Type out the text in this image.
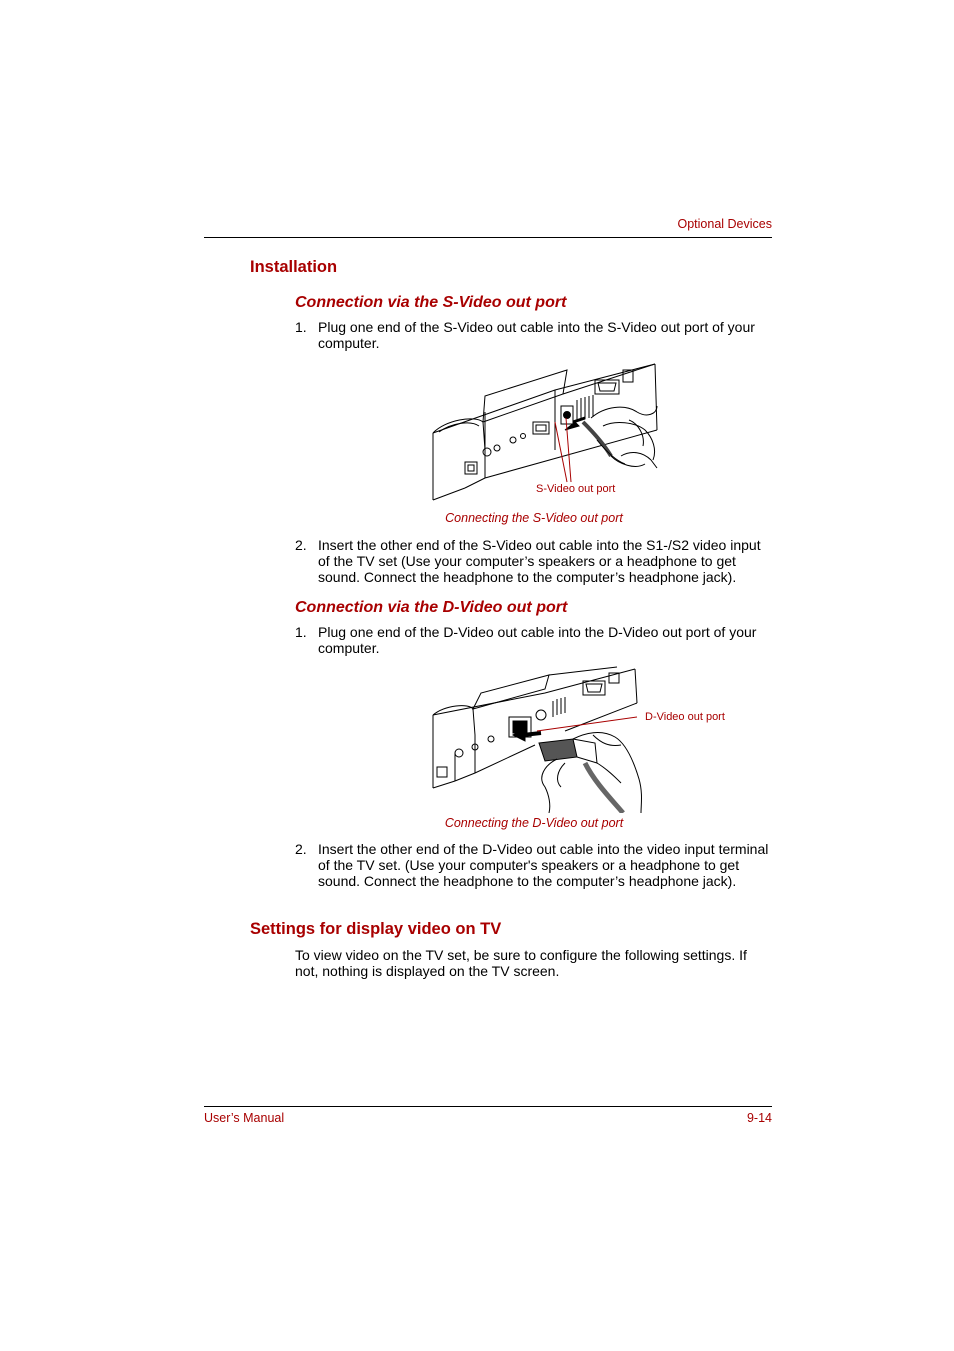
Optional Devices
Installation
Connection via the S-Video out port
1. Plug one end of the S-Video out cable into the S-Video out port of your computer.
S-Video out port
Connecting the S-Video out port
2. Insert the other end of the S-Video out cable into the S1-/S2 video input of the TV set (Use your computer’s speakers or a headphone to get sound. Connect the headphone to the computer’s headphone jack).
Connection via the D-Video out port
1. Plug one end of the D-Video out cable into the D-Video out port of your computer.
D-Video out port
Connecting the D-Video out port
2. Insert the other end of the D-Video out cable into the video input terminal of the TV set. (Use your computer's speakers or a headphone to get sound. Connect the headphone to the computer’s headphone jack).
Settings for display video on TV
To view video on the TV set, be sure to configure the following settings. If not, nothing is displayed on the TV screen.
User’s Manual	9-14
